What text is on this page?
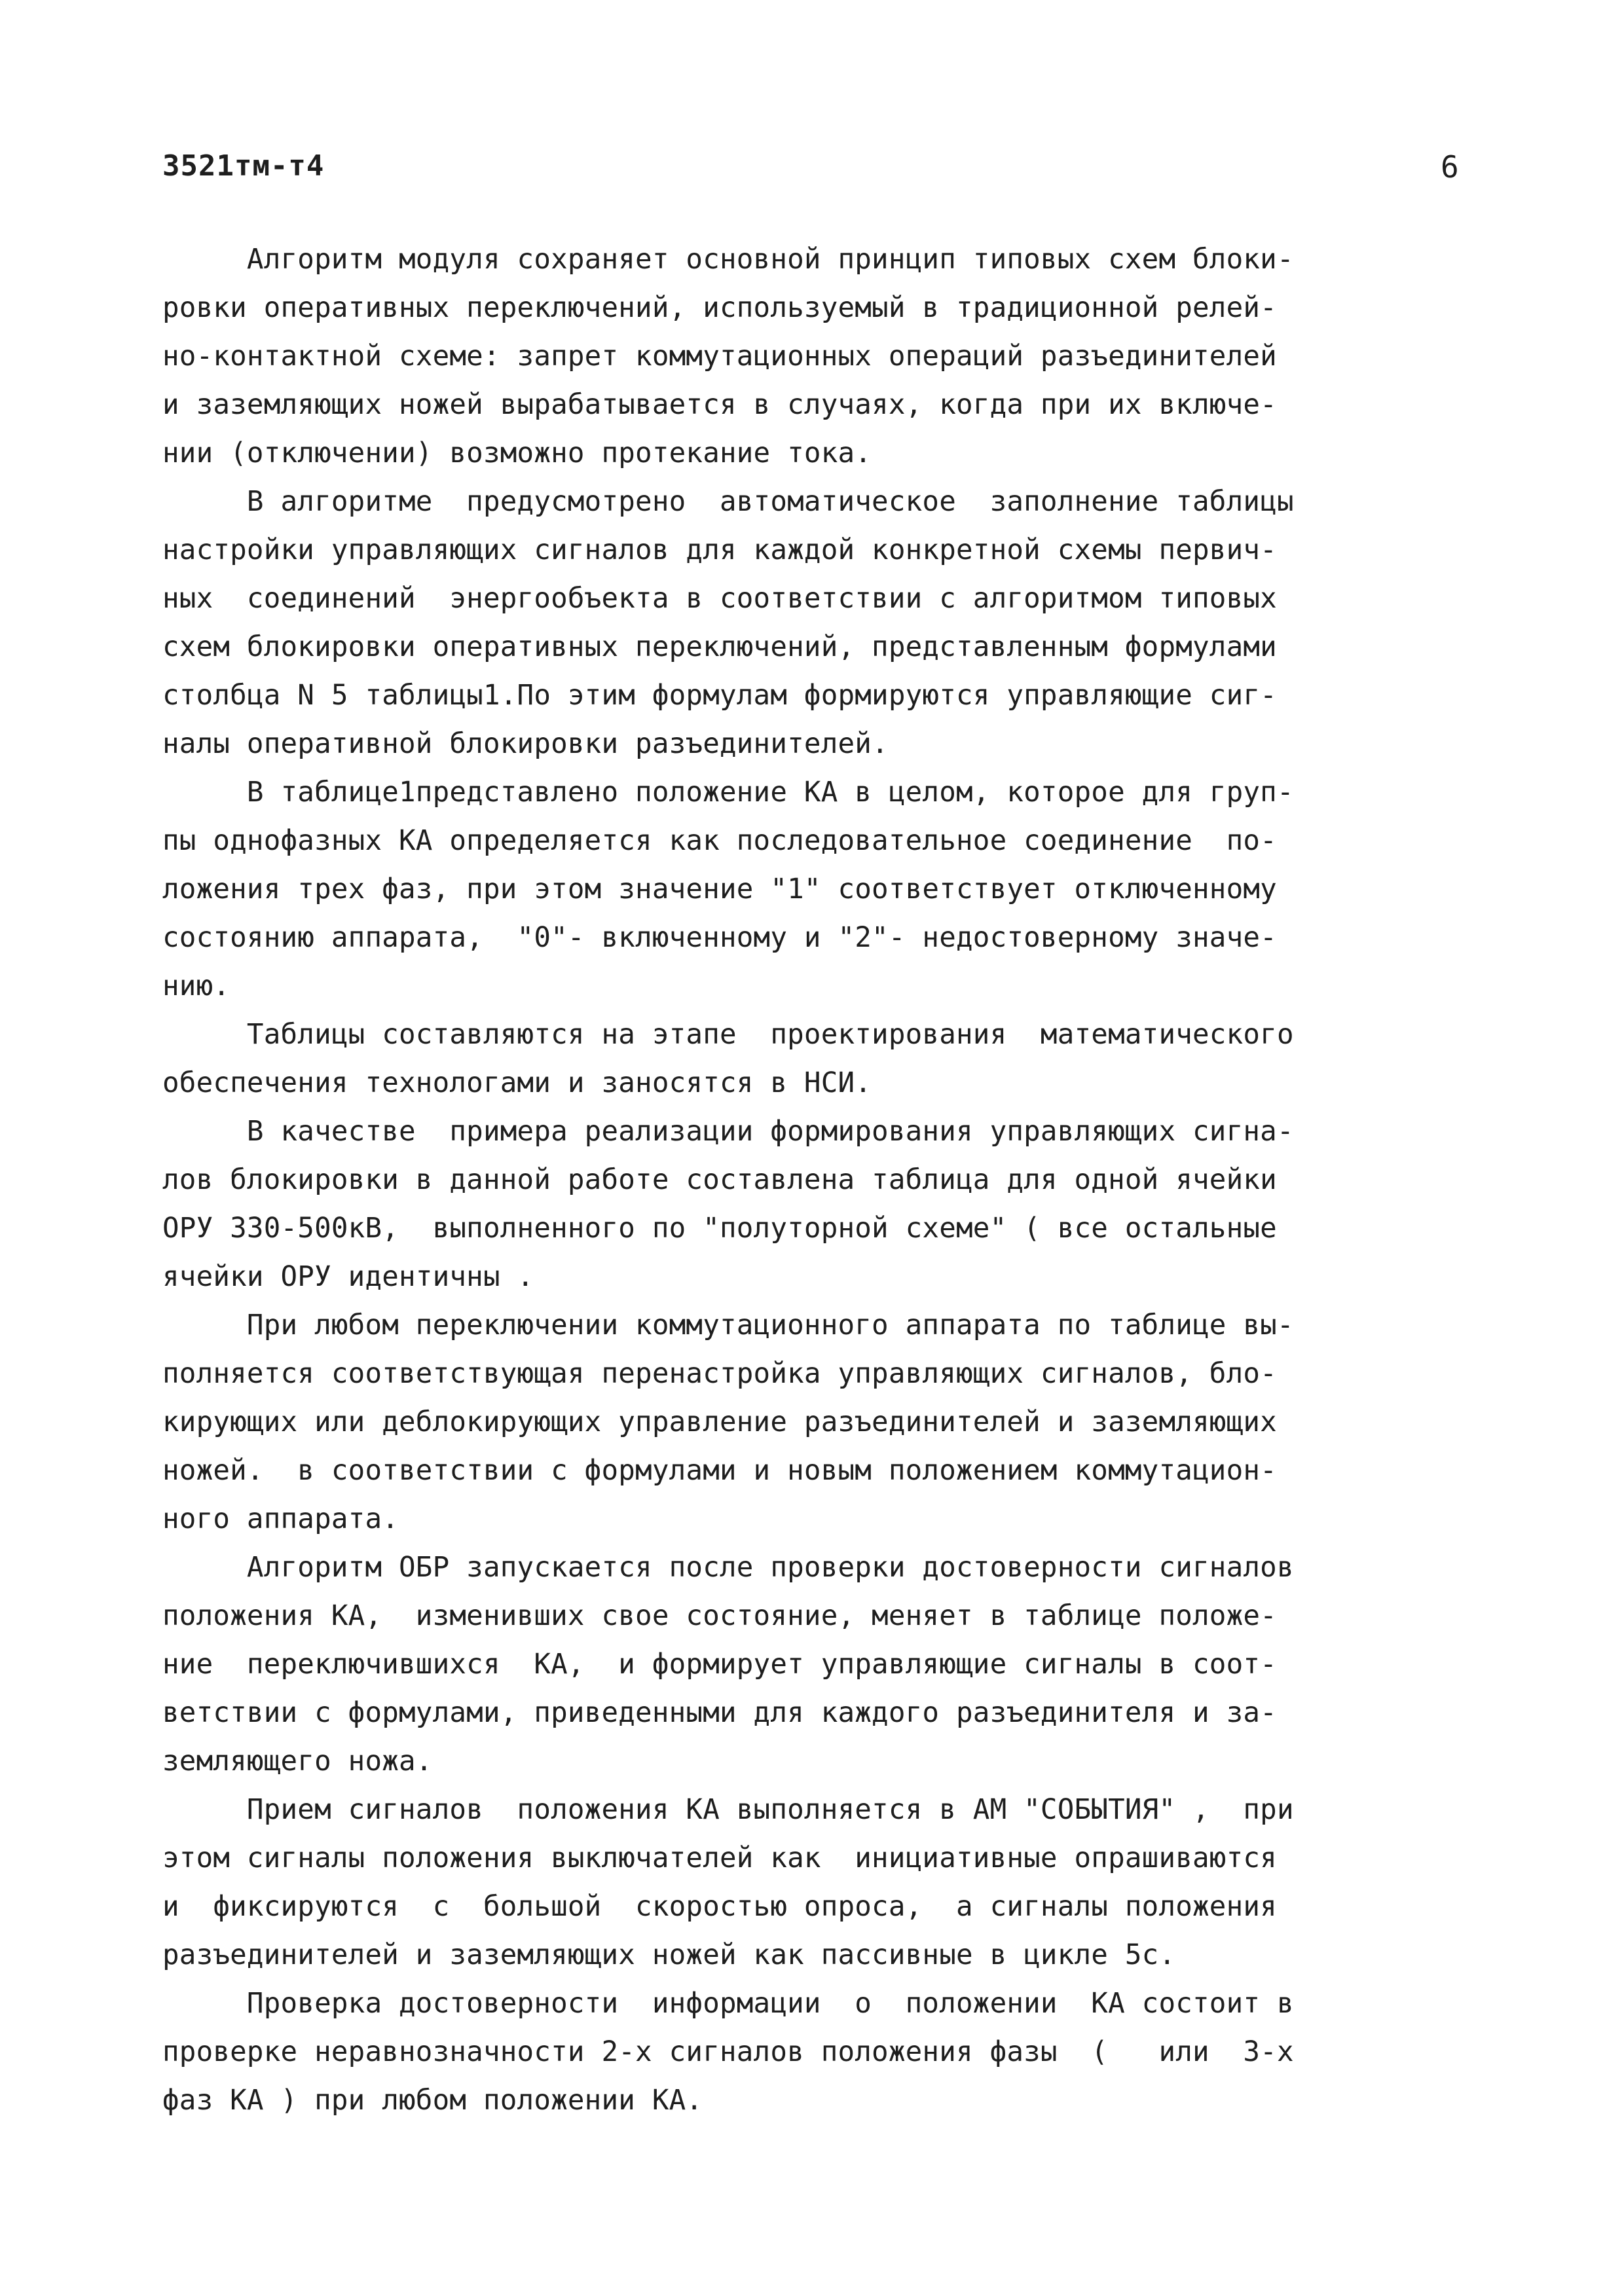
3521тм-т4	6
Алгоритм модуля сохраняет основной принцип типовых схем блоки-
ровки оперативных переключений, используемый в традиционной релей-
но-контактной схеме: запрет коммутационных операций разъединителей
и заземляющих ножей вырабатывается в случаях, когда при их включе-
нии (отключении) возможно протекание тока.
В алгоритме  предусмотрено  автоматическое  заполнение таблицы
настройки управляющих сигналов для каждой конкретной схемы первич-
ных  соединений  энергообъекта в соответствии с алгоритмом типовых
схем блокировки оперативных переключений, представленным формулами
столбца N 5 таблицы1.По этим формулам формируются управляющие сиг-
налы оперативной блокировки разъединителей.
В таблице1представлено положение КА в целом, которое для груп-
пы однофазных КА определяется как последовательное соединение  по-
ложения трех фаз, при этом значение "1" соответствует отключенному
состоянию аппарата,  "0"- включенному и "2"- недостоверному значе-
нию.
Таблицы составляются на этапе  проектирования  математического
обеспечения технологами и заносятся в НСИ.
В качестве  примера реализации формирования управляющих сигна-
лов блокировки в данной работе составлена таблица для одной ячейки
ОРУ 330-500кВ,  выполненного по "полуторной схеме" ( все остальные
ячейки ОРУ идентичны .
При любом переключении коммутационного аппарата по таблице вы-
полняется соответствующая перенастройка управляющих сигналов, бло-
кирующих или деблокирующих управление разъединителей и заземляющих
ножей.  в соответствии с формулами и новым положением коммутацион-
ного аппарата.
Алгоритм ОБР запускается после проверки достоверности сигналов
положения КА,  изменивших свое состояние, меняет в таблице положе-
ние  переключившихся  КА,  и формирует управляющие сигналы в соот-
ветствии с формулами, приведенными для каждого разъединителя и за-
земляющего ножа.
Прием сигналов  положения КА выполняется в АМ "СОБЫТИЯ" ,  при
этом сигналы положения выключателей как  инициативные опрашиваются
и  фиксируются  с  большой  скоростью опроса,  а сигналы положения
разъединителей и заземляющих ножей как пассивные в цикле 5с.
Проверка достоверности  информации  о  положении  КА состоит в
проверке неравнозначности 2-х сигналов положения фазы  (   или  3-х
фаз КА ) при любом положении КА.
